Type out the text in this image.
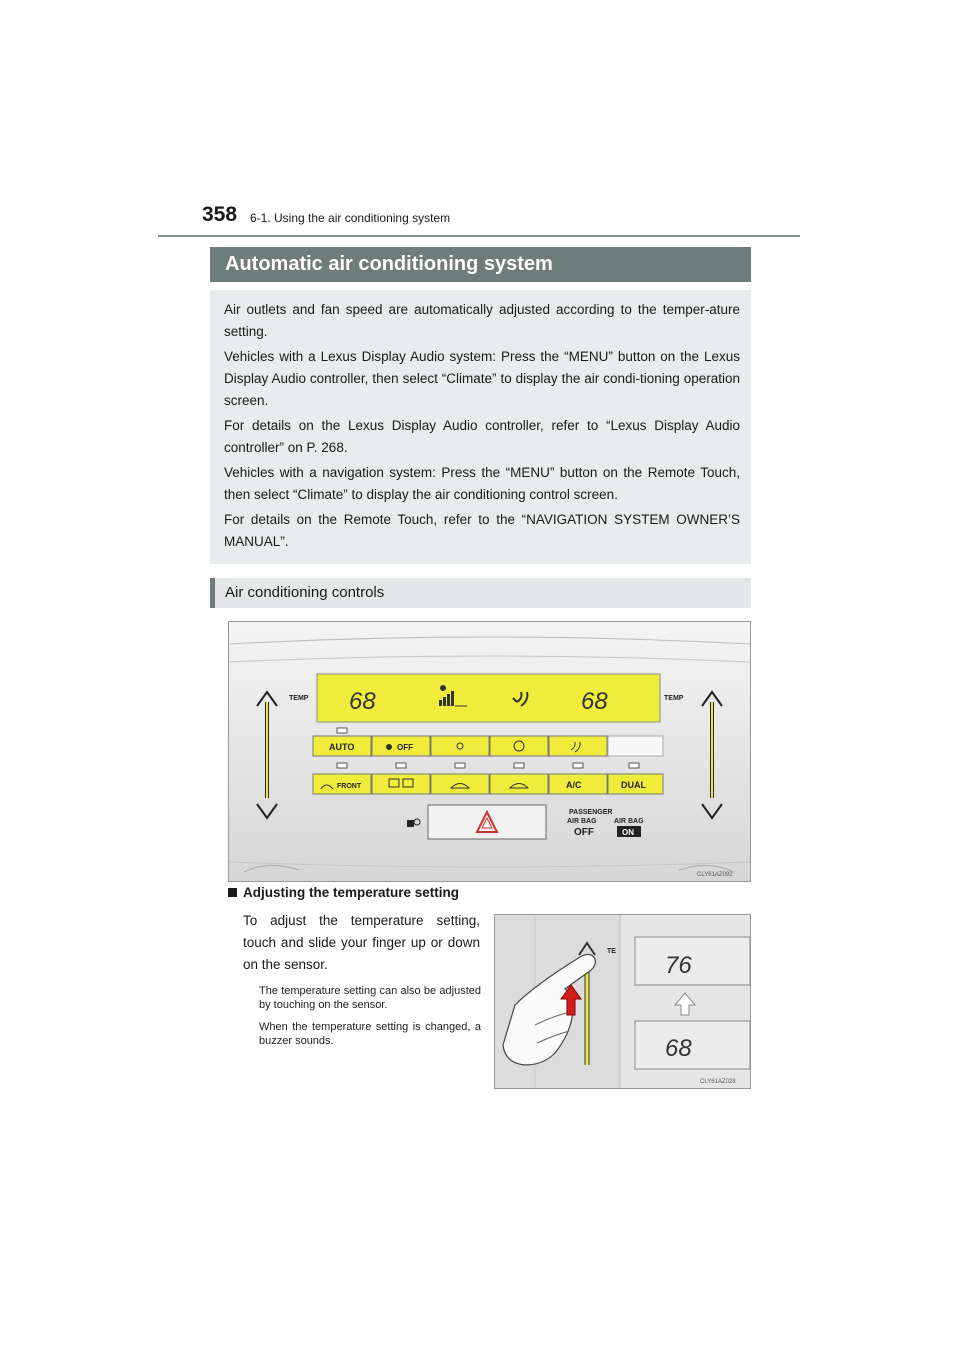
358 6-1. Using the air conditioning system
Automatic air conditioning system

Air outlets and fan speed are automatically adjusted according to the temper-ature setting.

Vehicles with a Lexus Display Audio system: Press the “MENU” button on the Lexus Display Audio controller, then select “Climate” to display the air condi-tioning operation screen.

For details on the Lexus Display Audio controller, refer to “Lexus Display Audio controller” on P. 268.

Vehicles with a navigation system: Press the “MENU” button on the Remote Touch, then select “Climate” to display the air conditioning control screen.

For details on the Remote Touch, refer to the “NAVIGATION SYSTEM OWNER’S MANUAL”.

Air conditioning controls
TEMP	TEMP
68	68
AUTO	OFF
FRONT	A/C	DUAL
PASSENGER
AIR BAG AIR BAG
OFF	ON
CLY61AZ092
Adjusting the temperature setting
To adjust the temperature setting, touch and slide your finger up or down on the sensor.
The temperature setting can also be adjusted by touching on the sensor.
When the temperature setting is changed, a buzzer sounds.
TE
76
68
CLY61AZ028
